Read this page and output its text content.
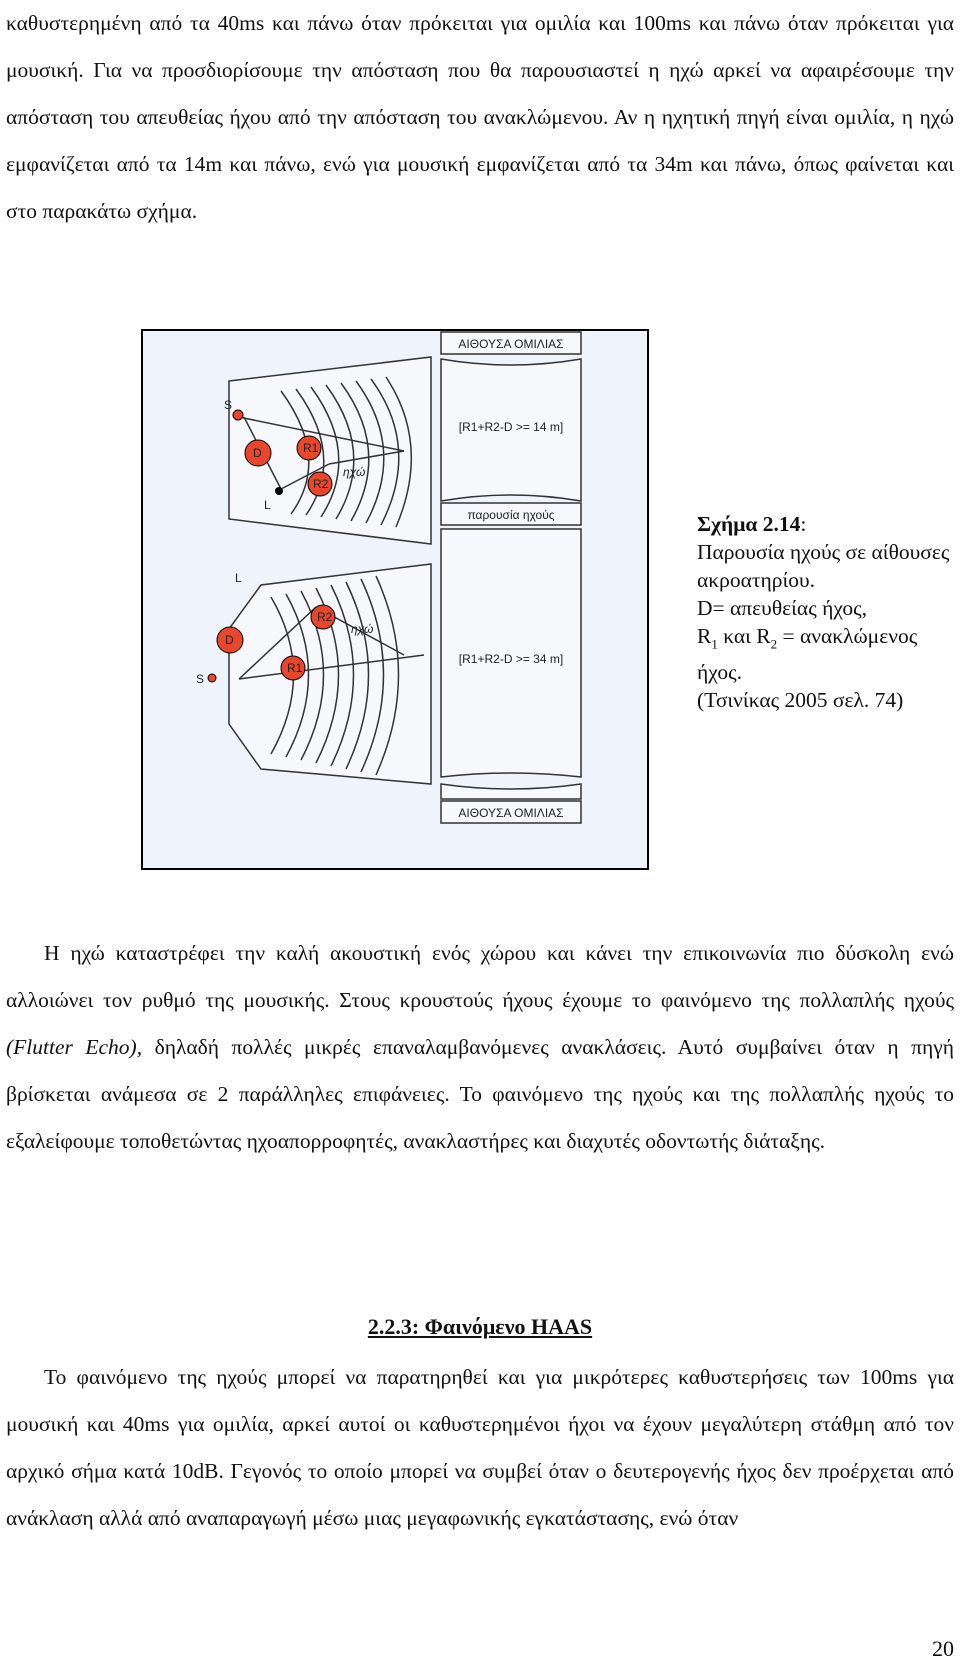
καθυστερημένη από τα 40ms και πάνω όταν πρόκειται για ομιλία και 100ms και πάνω όταν πρόκειται για μουσική. Για να προσδιορίσουμε την απόσταση που θα παρουσιαστεί η ηχώ αρκεί να αφαιρέσουμε την απόσταση του απευθείας ήχου από την απόσταση του ανακλώμενου. Αν η ηχητική πηγή είναι ομιλία, η ηχώ εμφανίζεται από τα 14m και πάνω, ενώ για μουσική εμφανίζεται από τα 34m και πάνω, όπως φαίνεται και στο παρακάτω σχήμα.

S
D	R1
R2
L
ηχώ
ΑΙΘΟΥΣΑ ΟΜΙΛΙΑΣ
[R1+R2-D >= 14 m]
παρουσία ηχούς
[R1+R2-D >= 34 m]
ΑΙΘΟΥΣΑ ΟΜΙΛΙΑΣ
S
D
R1
R2
L
ηχώ
Σχήμα 2.14:
Παρουσία ηχούς σε αίθουσες ακροατηρίου.
D= απευθείας ήχος,
$R_1$ και $R_2 = \alpha\nu\alpha\kappa\lambda ώ\mu\varepsilon\nu o\varsigma$ ήχος.
(Τσινίκας 2005 σελ. 74)

Η ηχώ καταστρέφει την καλή ακουστική ενός χώρου και κάνει την επικοινωνία πιο δύσκολη ενώ αλλοιώνει τον ρυθμό της μουσικής. Στους κρουστούς ήχους έχουμε το φαινόμενο της πολλαπλής ηχούς (Flutter Echo), δηλαδή πολλές μικρές επαναλαμβανόμενες ανακλάσεις. Αυτό συμβαίνει όταν η πηγή βρίσκεται ανάμεσα σε 2 παράλληλες επιφάνειες. Το φαινόμενο της ηχούς και της πολλαπλής ηχούς το εξαλείφουμε τοποθετώντας ηχοαπορροφητές, ανακλαστήρες και διαχυτές οδοντωτής διάταξης.

2.2.3: Φαινόμενο HAAS

Το φαινόμενο της ηχούς μπορεί να παρατηρηθεί και για μικρότερες καθυστερήσεις των 100ms για μουσική και 40ms για ομιλία, αρκεί αυτοί οι καθυστερημένοι ήχοι να έχουν μεγαλύτερη στάθμη από τον αρχικό σήμα κατά 10dB. Γεγονός το οποίο μπορεί να συμβεί όταν ο δευτερογενής ήχος δεν προέρχεται από ανάκλαση αλλά από αναπαραγωγή μέσω μιας μεγαφωνικής εγκατάστασης, ενώ όταν

20
